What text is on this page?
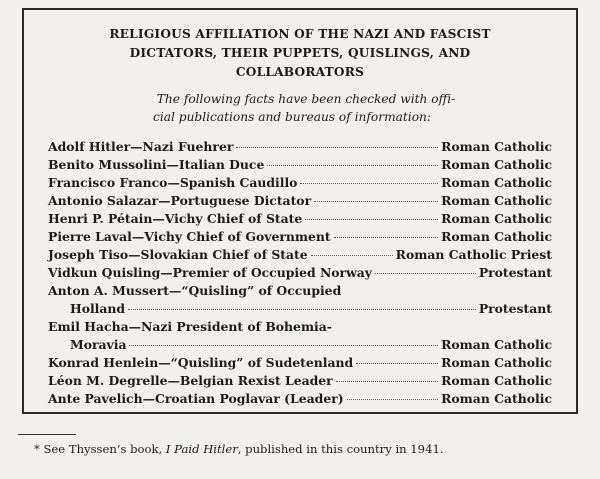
RELIGIOUS AFFILIATION OF THE NAZI AND FASCIST
DICTATORS, THEIR PUPPETS, QUISLINGS, AND
COLLABORATORS
The following facts have been checked with offi-
cial publications and bureaus of information:
Adolf Hitler—Nazi Fuehrer	Roman Catholic
Benito Mussolini—Italian Duce	Roman Catholic
Francisco Franco—Spanish Caudillo	Roman Catholic
Antonio Salazar—Portuguese Dictator	Roman Catholic
Henri P. Pétain—Vichy Chief of State	Roman Catholic
Pierre Laval—Vichy Chief of Government	Roman Catholic
Joseph Tiso—Slovakian Chief of State	Roman Catholic Priest
Vidkun Quisling—Premier of Occupied Norway	Protestant
Anton A. Mussert—“Quisling” of Occupied
Holland	Protestant
Emil Hacha—Nazi President of Bohemia-
Moravia	Roman Catholic
Konrad Henlein—“Quisling” of Sudetenland	Roman Catholic
Léon M. Degrelle—Belgian Rexist Leader	Roman Catholic
Ante Pavelich—Croatian Poglavar (Leader)	Roman Catholic
* See Thyssen’s book, I Paid Hitler, published in this country in 1941.
